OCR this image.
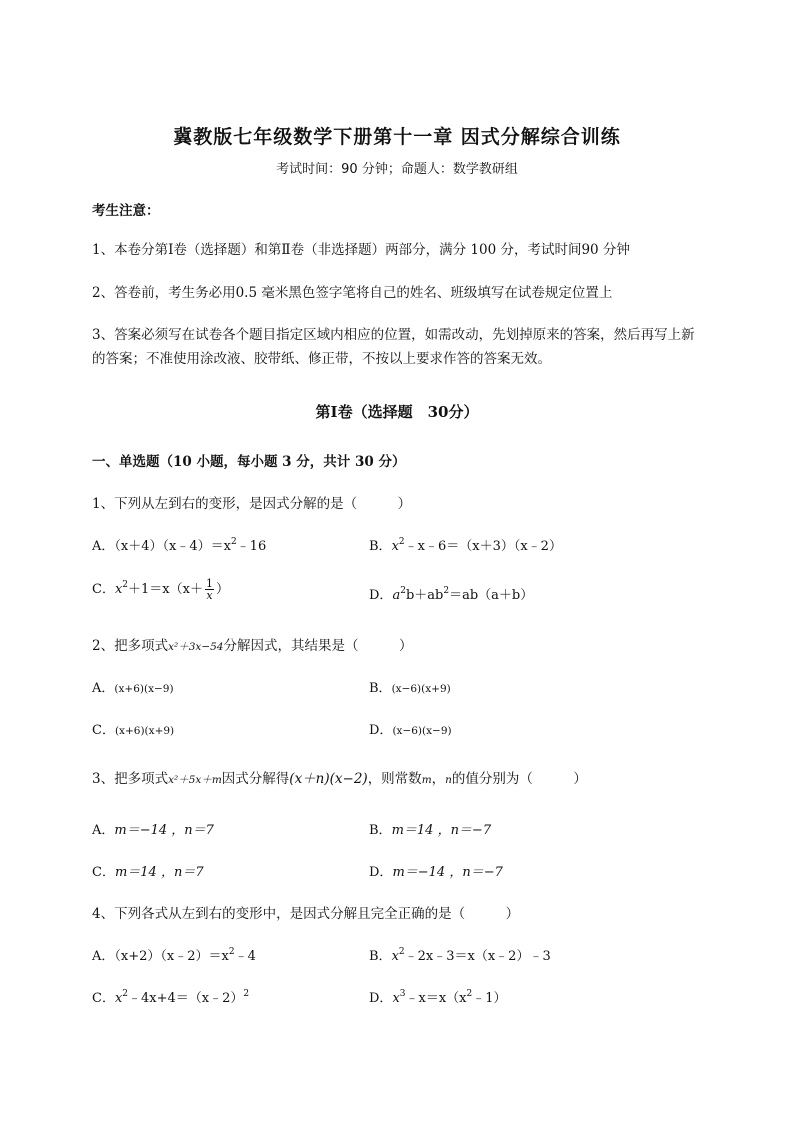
冀教版七年级数学下册第十一章 因式分解综合训练
考试时间：90 分钟；命题人：数学教研组
考生注意：
1、本卷分第Ⅰ卷（选择题）和第Ⅱ卷（非选择题）两部分，满分 100 分，考试时间90 分钟
2、答卷前，考生务必用0.5 毫米黑色签字笔将自己的姓名、班级填写在试卷规定位置上
3、答案必须写在试卷各个题目指定区域内相应的位置，如需改动，先划掉原来的答案，然后再写上新
的答案；不准使用涂改液、胶带纸、修正带，不按以上要求作答的答案无效。
第Ⅰ卷（选择题　30分）
一、单选题（10 小题，每小题 3 分，共计 30 分）
1、下列从左到右的变形，是因式分解的是（　　　）
A．$(x+4)(x﹣4)=x^2﹣16$	B．$x^2﹣x﹣6=(x+3)(x﹣2)$
C．$x^2+1=x(x+ \frac{1}{x}$ ）	D．$a^2b+ab^2=ab(a+b)$
2、把多项式x²＋3x−54分解因式，其结果是（　　　）
A．(x+6)(x−9)	B．(x−6)(x+9)
C．(x+6)(x+9)	D．(x−6)(x−9)
3、把多项式x²＋5x＋m因式分解得(x＋n)(x−2)，则常数m，n的值分别为（　　　）
A．m＝−14 ，n＝7	B．m＝14 ，n＝−7
C．m＝14 ，n＝7	D．m＝−14 ，n＝−7
4、下列各式从左到右的变形中，是因式分解且完全正确的是（　　　）
A．$(x+2)(x﹣2)=x^2﹣4$	B．$x^2﹣2x﹣3=x(x﹣2)﹣3$
C．$x^2﹣4x+4=(x﹣2)^2$	D．$x^3﹣x=x(x^2﹣1)$
